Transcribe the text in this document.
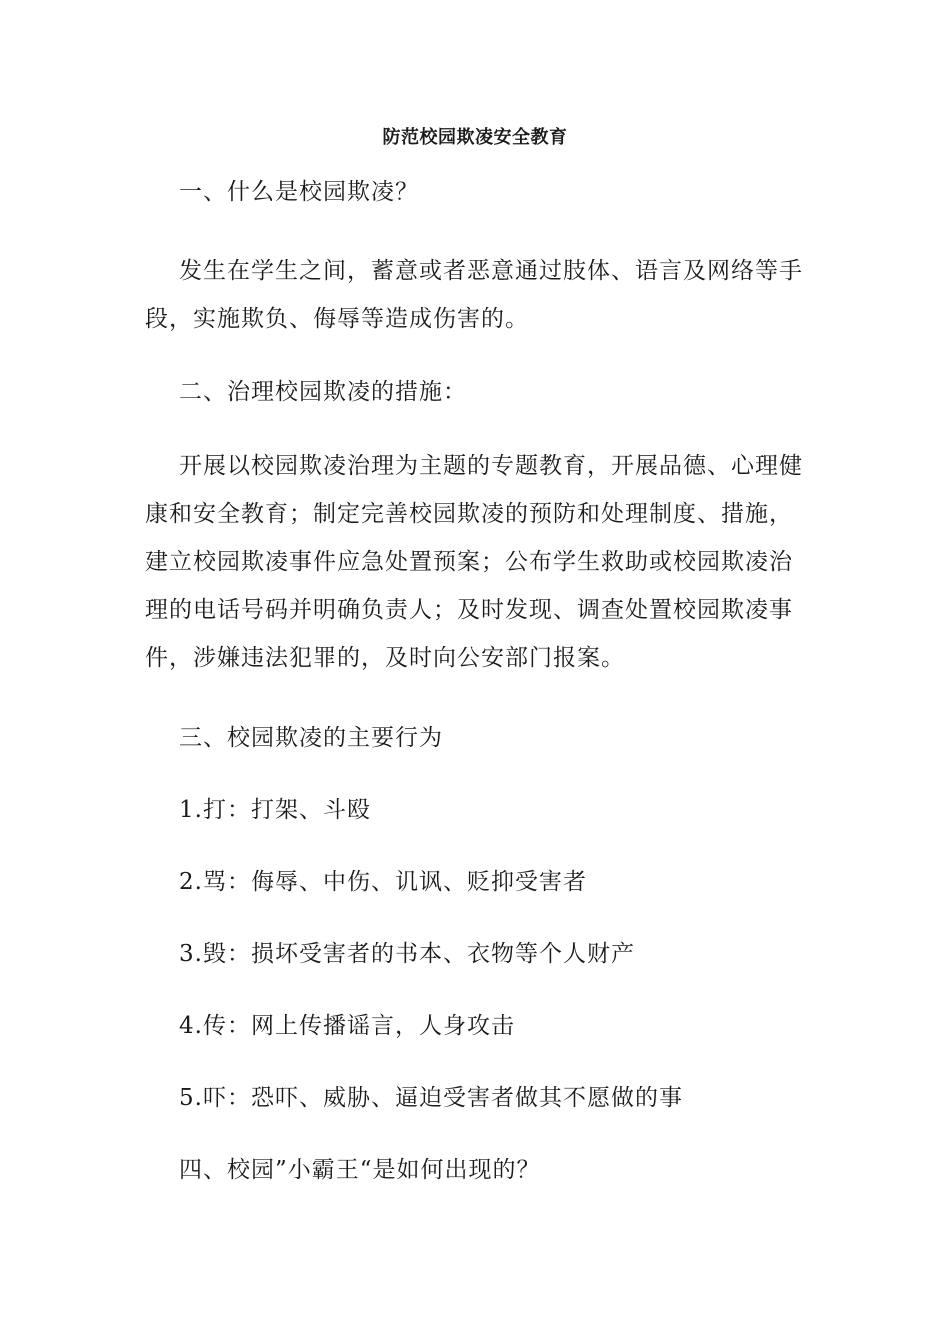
防范校园欺凌安全教育

一、什么是校园欺凌？

发生在学生之间，蓄意或者恶意通过肢体、语言及网络等手段，实施欺负、侮辱等造成伤害的。

二、治理校园欺凌的措施：

开展以校园欺凌治理为主题的专题教育，开展品德、心理健康和安全教育；制定完善校园欺凌的预防和处理制度、措施，建立校园欺凌事件应急处置预案；公布学生救助或校园欺凌治理的电话号码并明确负责人；及时发现、调查处置校园欺凌事件，涉嫌违法犯罪的，及时向公安部门报案。

三、校园欺凌的主要行为

1.打：打架、斗殴

2.骂：侮辱、中伤、讥讽、贬抑受害者

3.毁：损坏受害者的书本、衣物等个人财产

4.传：网上传播谣言，人身攻击

5.吓：恐吓、威胁、逼迫受害者做其不愿做的事

四、校园”小霸王“是如何出现的？
